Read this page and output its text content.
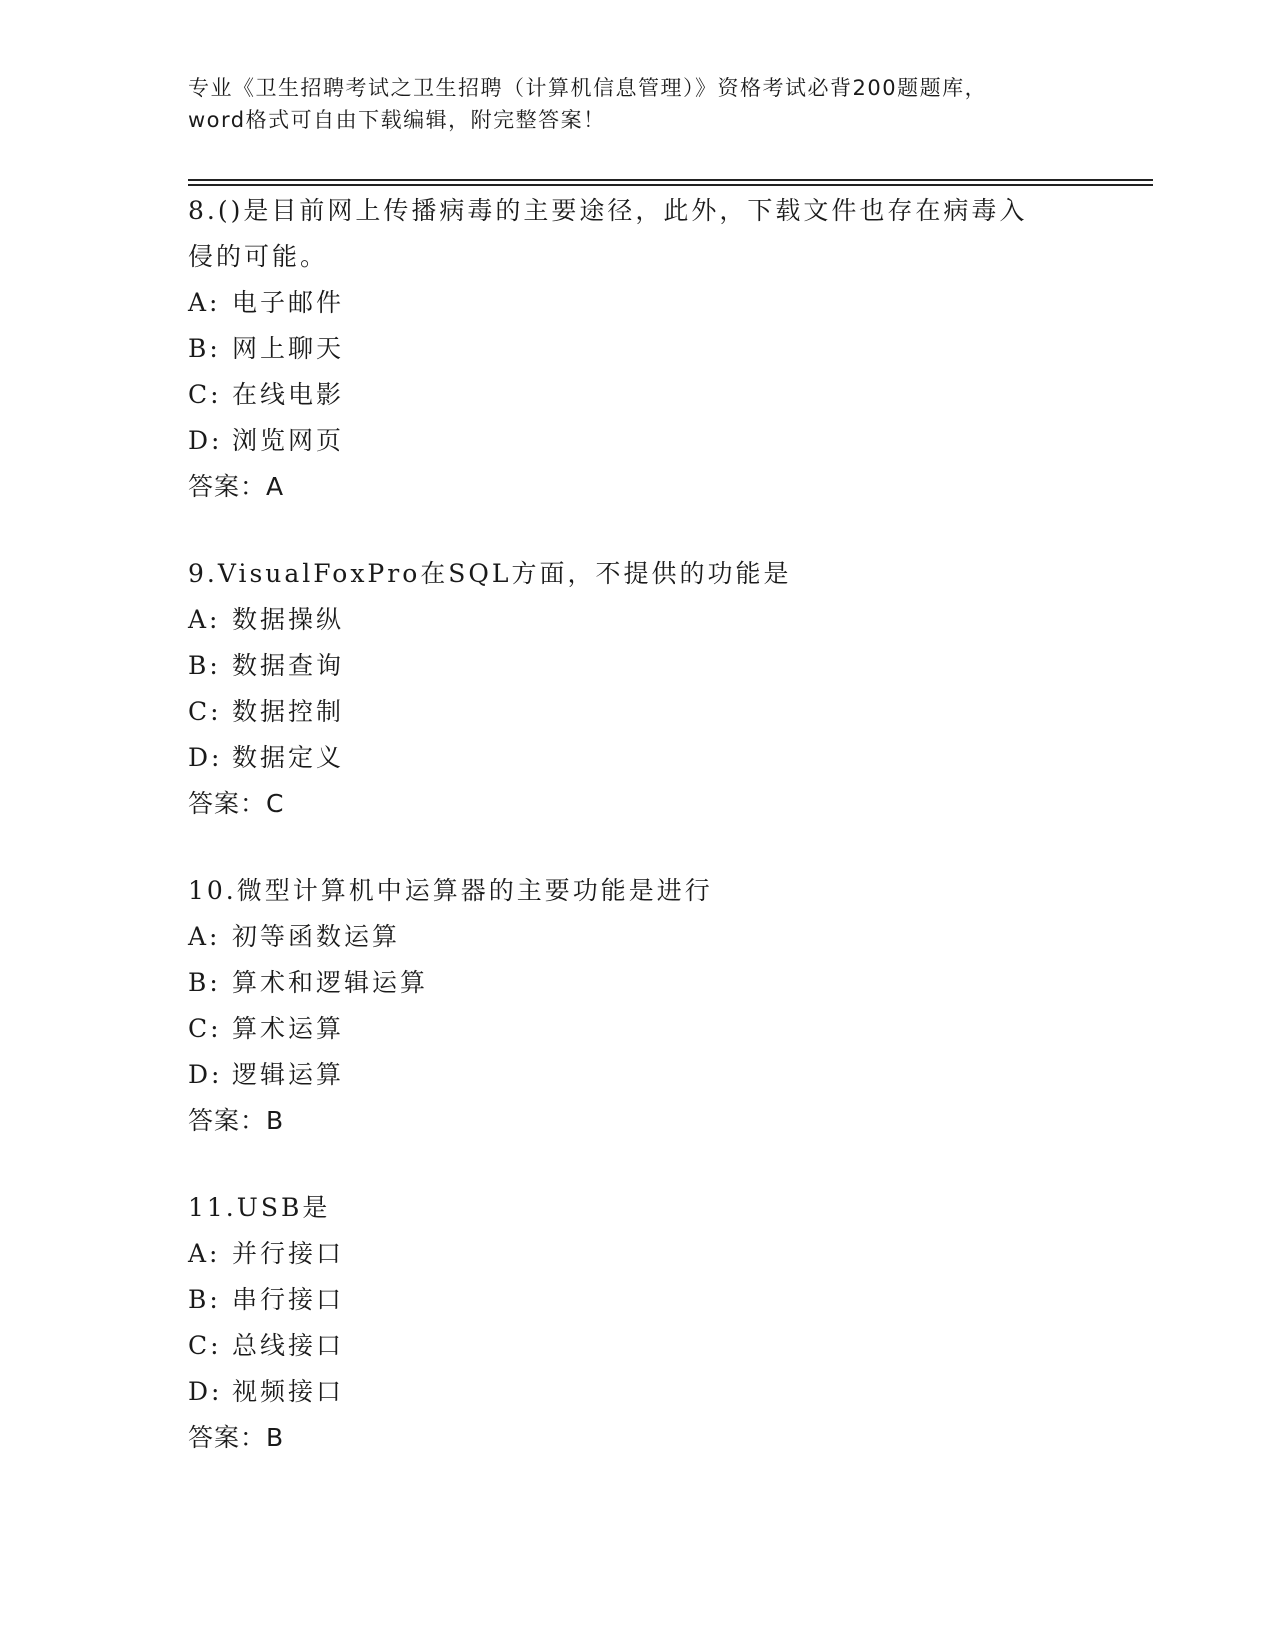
专业《卫生招聘考试之卫生招聘（计算机信息管理）》资格考试必背200题题库，
word格式可自由下载编辑，附完整答案！
8.()是目前网上传播病毒的主要途径，此外，下载文件也存在病毒入
侵的可能。
A: 电子邮件
B: 网上聊天
C: 在线电影
D: 浏览网页
答案：A
9.VisualFoxPro在SQL方面，不提供的功能是
A: 数据操纵
B: 数据查询
C: 数据控制
D: 数据定义
答案：C
10.微型计算机中运算器的主要功能是进行
A: 初等函数运算
B: 算术和逻辑运算
C: 算术运算
D: 逻辑运算
答案：B
11.USB是
A: 并行接口
B: 串行接口
C: 总线接口
D: 视频接口
答案：B
